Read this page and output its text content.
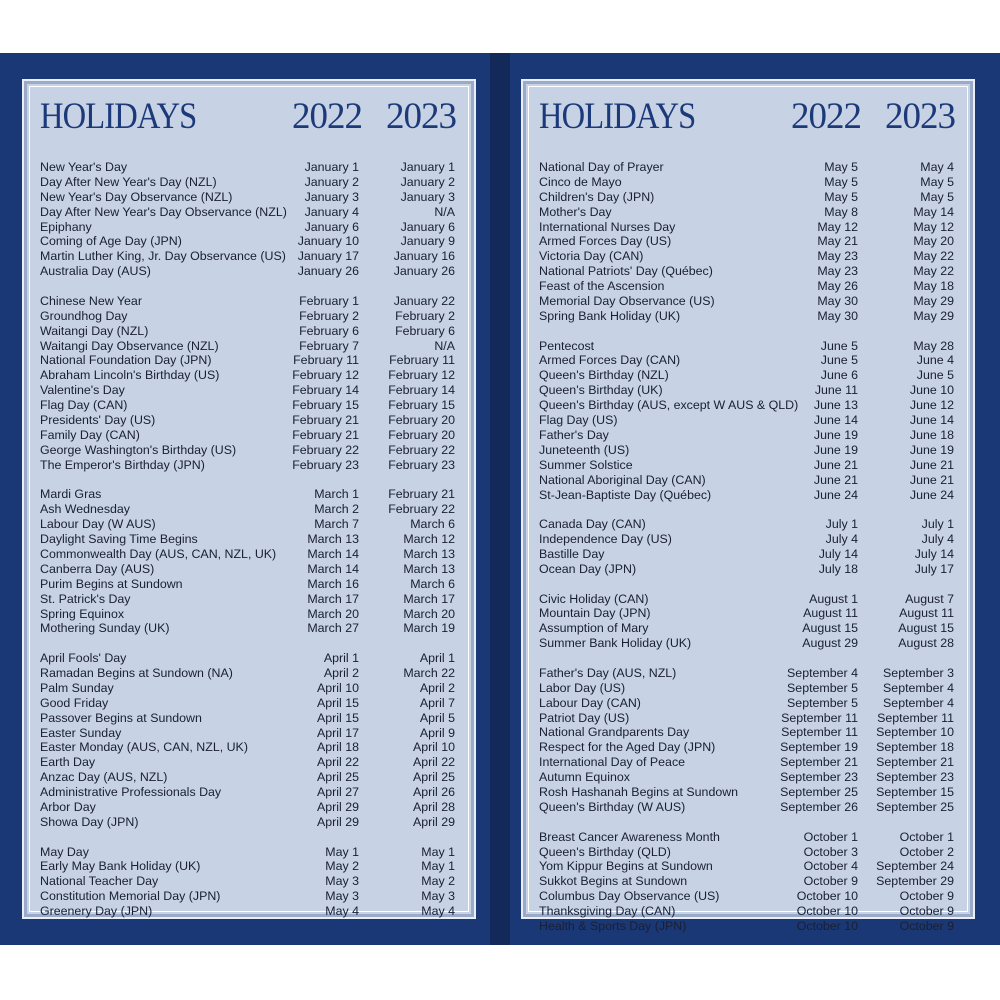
HOLIDAYS	2022 2023
New Year's Day	January 1	January 1
Day After New Year's Day (NZL)	January 2	January 2
New Year's Day Observance (NZL)	January 3	January 3
Day After New Year's Day Observance (NZL) January 4	N/A
Epiphany	January 6	January 6
Coming of Age Day (JPN)	January 10	January 9
Martin Luther King, Jr. Day Observance (US) January 17	January 16
Australia Day (AUS)	January 26	January 26
Chinese New Year	February 1	January 22
Groundhog Day	February 2	February 2
Waitangi Day (NZL)	February 6	February 6
Waitangi Day Observance (NZL)	February 7	N/A
National Foundation Day (JPN)	February 11 February 11
Abraham Lincoln's Birthday (US)	February 12 February 12
Valentine's Day	February 14 February 14
Flag Day (CAN)	February 15 February 15
Presidents' Day (US)	February 21 February 20
Family Day (CAN)	February 21 February 20
George Washington's Birthday (US)	February 22 February 22
The Emperor's Birthday (JPN)	February 23 February 23
Mardi Gras	March 1 February 21
Ash Wednesday	March 2 February 22
Labour Day (W AUS)	March 7	March 6
Daylight Saving Time Begins	March 13	March 12
Commonwealth Day (AUS, CAN, NZL, UK)	March 14	March 13
Canberra Day (AUS)	March 14	March 13
Purim Begins at Sundown	March 16	March 6
St. Patrick's Day	March 17	March 17
Spring Equinox	March 20	March 20
Mothering Sunday (UK)	March 27	March 19
April Fools' Day	April 1	April 1
Ramadan Begins at Sundown (NA)	April 2	March 22
Palm Sunday	April 10	April 2
Good Friday	April 15	April 7
Passover Begins at Sundown	April 15	April 5
Easter Sunday	April 17	April 9
Easter Monday (AUS, CAN, NZL, UK)	April 18	April 10
Earth Day	April 22	April 22
Anzac Day (AUS, NZL)	April 25	April 25
Administrative Professionals Day	April 27	April 26
Arbor Day	April 29	April 28
Showa Day (JPN)	April 29	April 29
May Day	May 1	May 1
Early May Bank Holiday (UK)	May 2	May 1
National Teacher Day	May 3	May 2
Constitution Memorial Day (JPN)	May 3	May 3
Greenery Day (JPN)	May 4	May 4
HOLIDAYS	2022 2023
National Day of Prayer	May 5	May 4
Cinco de Mayo	May 5	May 5
Children's Day (JPN)	May 5	May 5
Mother's Day	May 8	May 14
International Nurses Day	May 12	May 12
Armed Forces Day (US)	May 21	May 20
Victoria Day (CAN)	May 23	May 22
National Patriots' Day (Québec)	May 23	May 22
Feast of the Ascension	May 26	May 18
Memorial Day Observance (US)	May 30	May 29
Spring Bank Holiday (UK)	May 30	May 29
Pentecost	June 5	May 28
Armed Forces Day (CAN)	June 5	June 4
Queen's Birthday (NZL)	June 6	June 5
Queen's Birthday (UK)	June 11	June 10
Queen's Birthday (AUS, except W AUS & QLD) June 13	June 12
Flag Day (US)	June 14	June 14
Father's Day	June 19	June 18
Juneteenth (US)	June 19	June 19
Summer Solstice	June 21	June 21
National Aboriginal Day (CAN)	June 21	June 21
St-Jean-Baptiste Day (Québec)	June 24	June 24
Canada Day (CAN)	July 1	July 1
Independence Day (US)	July 4	July 4
Bastille Day	July 14	July 14
Ocean Day (JPN)	July 18	July 17
Civic Holiday (CAN)	August 1	August 7
Mountain Day (JPN)	August 11	August 11
Assumption of Mary	August 15	August 15
Summer Bank Holiday (UK)	August 29	August 28
Father's Day (AUS, NZL)	September 4 September 3
Labor Day (US)	September 5 September 4
Labour Day (CAN)	September 5 September 4
Patriot Day (US)	September 11 September 11
National Grandparents Day	September 11 September 10
Respect for the Aged Day (JPN)	September 19 September 18
International Day of Peace	September 21 September 21
Autumn Equinox	September 23 September 23
Rosh Hashanah Begins at Sundown	September 25 September 15
Queen's Birthday (W AUS)	September 26 September 25
Breast Cancer Awareness Month	October 1	October 1
Queen's Birthday (QLD)	October 3	October 2
Yom Kippur Begins at Sundown	October 4 September 24
Sukkot Begins at Sundown	October 9 September 29
Columbus Day Observance (US)	October 10	October 9
Thanksgiving Day (CAN)	October 10	October 9
Health & Sports Day (JPN)	October 10	October 9
